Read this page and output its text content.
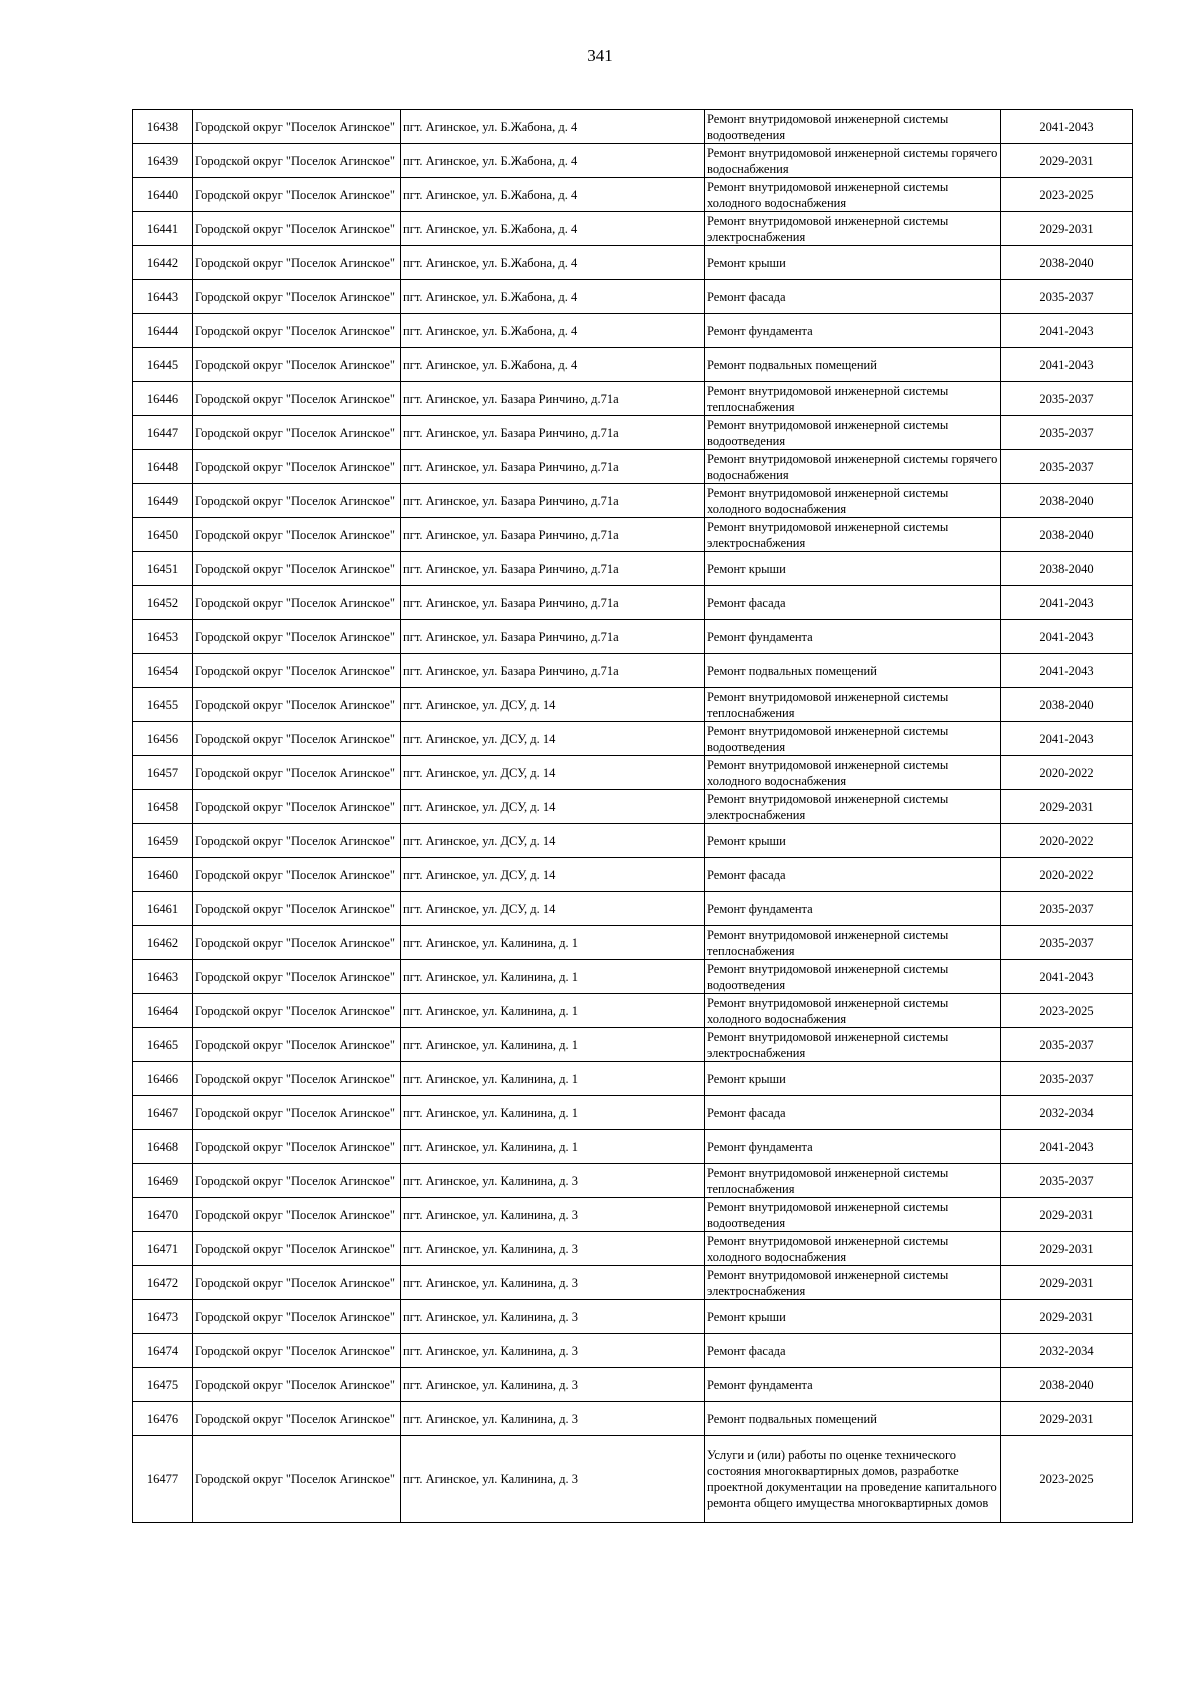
341
16438	Городской округ "Поселок Агинское"	пгт. Агинское, ул. Б.Жабона, д. 4	Ремонт внутридомовой инженерной системы водоотведения	2041-2043
16439	Городской округ "Поселок Агинское"	пгт. Агинское, ул. Б.Жабона, д. 4	Ремонт внутридомовой инженерной системы горячего водоснабжения	2029-2031
16440	Городской округ "Поселок Агинское"	пгт. Агинское, ул. Б.Жабона, д. 4	Ремонт внутридомовой инженерной системы холодного водоснабжения	2023-2025
16441	Городской округ "Поселок Агинское"	пгт. Агинское, ул. Б.Жабона, д. 4	Ремонт внутридомовой инженерной системы электроснабжения	2029-2031
16442	Городской округ "Поселок Агинское"	пгт. Агинское, ул. Б.Жабона, д. 4	Ремонт крыши	2038-2040
16443	Городской округ "Поселок Агинское"	пгт. Агинское, ул. Б.Жабона, д. 4	Ремонт фасада	2035-2037
16444	Городской округ "Поселок Агинское"	пгт. Агинское, ул. Б.Жабона, д. 4	Ремонт фундамента	2041-2043
16445	Городской округ "Поселок Агинское"	пгт. Агинское, ул. Б.Жабона, д. 4	Ремонт подвальных помещений	2041-2043
16446	Городской округ "Поселок Агинское"	пгт. Агинское, ул. Базара Ринчино, д.71а	Ремонт внутридомовой инженерной системы теплоснабжения	2035-2037
16447	Городской округ "Поселок Агинское"	пгт. Агинское, ул. Базара Ринчино, д.71а	Ремонт внутридомовой инженерной системы водоотведения	2035-2037
16448	Городской округ "Поселок Агинское"	пгт. Агинское, ул. Базара Ринчино, д.71а	Ремонт внутридомовой инженерной системы горячего водоснабжения	2035-2037
16449	Городской округ "Поселок Агинское"	пгт. Агинское, ул. Базара Ринчино, д.71а	Ремонт внутридомовой инженерной системы холодного водоснабжения	2038-2040
16450	Городской округ "Поселок Агинское"	пгт. Агинское, ул. Базара Ринчино, д.71а	Ремонт внутридомовой инженерной системы электроснабжения	2038-2040
16451	Городской округ "Поселок Агинское"	пгт. Агинское, ул. Базара Ринчино, д.71а	Ремонт крыши	2038-2040
16452	Городской округ "Поселок Агинское"	пгт. Агинское, ул. Базара Ринчино, д.71а	Ремонт фасада	2041-2043
16453	Городской округ "Поселок Агинское"	пгт. Агинское, ул. Базара Ринчино, д.71а	Ремонт фундамента	2041-2043
16454	Городской округ "Поселок Агинское"	пгт. Агинское, ул. Базара Ринчино, д.71а	Ремонт подвальных помещений	2041-2043
16455	Городской округ "Поселок Агинское"	пгт. Агинское, ул. ДСУ, д. 14	Ремонт внутридомовой инженерной системы теплоснабжения	2038-2040
16456	Городской округ "Поселок Агинское"	пгт. Агинское, ул. ДСУ, д. 14	Ремонт внутридомовой инженерной системы водоотведения	2041-2043
16457	Городской округ "Поселок Агинское"	пгт. Агинское, ул. ДСУ, д. 14	Ремонт внутридомовой инженерной системы холодного водоснабжения	2020-2022
16458	Городской округ "Поселок Агинское"	пгт. Агинское, ул. ДСУ, д. 14	Ремонт внутридомовой инженерной системы электроснабжения	2029-2031
16459	Городской округ "Поселок Агинское"	пгт. Агинское, ул. ДСУ, д. 14	Ремонт крыши	2020-2022
16460	Городской округ "Поселок Агинское"	пгт. Агинское, ул. ДСУ, д. 14	Ремонт фасада	2020-2022
16461	Городской округ "Поселок Агинское"	пгт. Агинское, ул. ДСУ, д. 14	Ремонт фундамента	2035-2037
16462	Городской округ "Поселок Агинское"	пгт. Агинское, ул. Калинина, д. 1	Ремонт внутридомовой инженерной системы теплоснабжения	2035-2037
16463	Городской округ "Поселок Агинское"	пгт. Агинское, ул. Калинина, д. 1	Ремонт внутридомовой инженерной системы водоотведения	2041-2043
16464	Городской округ "Поселок Агинское"	пгт. Агинское, ул. Калинина, д. 1	Ремонт внутридомовой инженерной системы холодного водоснабжения	2023-2025
16465	Городской округ "Поселок Агинское"	пгт. Агинское, ул. Калинина, д. 1	Ремонт внутридомовой инженерной системы электроснабжения	2035-2037
16466	Городской округ "Поселок Агинское"	пгт. Агинское, ул. Калинина, д. 1	Ремонт крыши	2035-2037
16467	Городской округ "Поселок Агинское"	пгт. Агинское, ул. Калинина, д. 1	Ремонт фасада	2032-2034
16468	Городской округ "Поселок Агинское"	пгт. Агинское, ул. Калинина, д. 1	Ремонт фундамента	2041-2043
16469	Городской округ "Поселок Агинское"	пгт. Агинское, ул. Калинина, д. 3	Ремонт внутридомовой инженерной системы теплоснабжения	2035-2037
16470	Городской округ "Поселок Агинское"	пгт. Агинское, ул. Калинина, д. 3	Ремонт внутридомовой инженерной системы водоотведения	2029-2031
16471	Городской округ "Поселок Агинское"	пгт. Агинское, ул. Калинина, д. 3	Ремонт внутридомовой инженерной системы холодного водоснабжения	2029-2031
16472	Городской округ "Поселок Агинское"	пгт. Агинское, ул. Калинина, д. 3	Ремонт внутридомовой инженерной системы электроснабжения	2029-2031
16473	Городской округ "Поселок Агинское"	пгт. Агинское, ул. Калинина, д. 3	Ремонт крыши	2029-2031
16474	Городской округ "Поселок Агинское"	пгт. Агинское, ул. Калинина, д. 3	Ремонт фасада	2032-2034
16475	Городской округ "Поселок Агинское"	пгт. Агинское, ул. Калинина, д. 3	Ремонт фундамента	2038-2040
16476	Городской округ "Поселок Агинское"	пгт. Агинское, ул. Калинина, д. 3	Ремонт подвальных помещений	2029-2031
16477	Городской округ "Поселок Агинское"	пгт. Агинское, ул. Калинина, д. 3	Услуги и (или) работы по оценке технического состояния многоквартирных домов, разработке проектной документации на проведение капитального ремонта общего имущества многоквартирных домов	2023-2025
